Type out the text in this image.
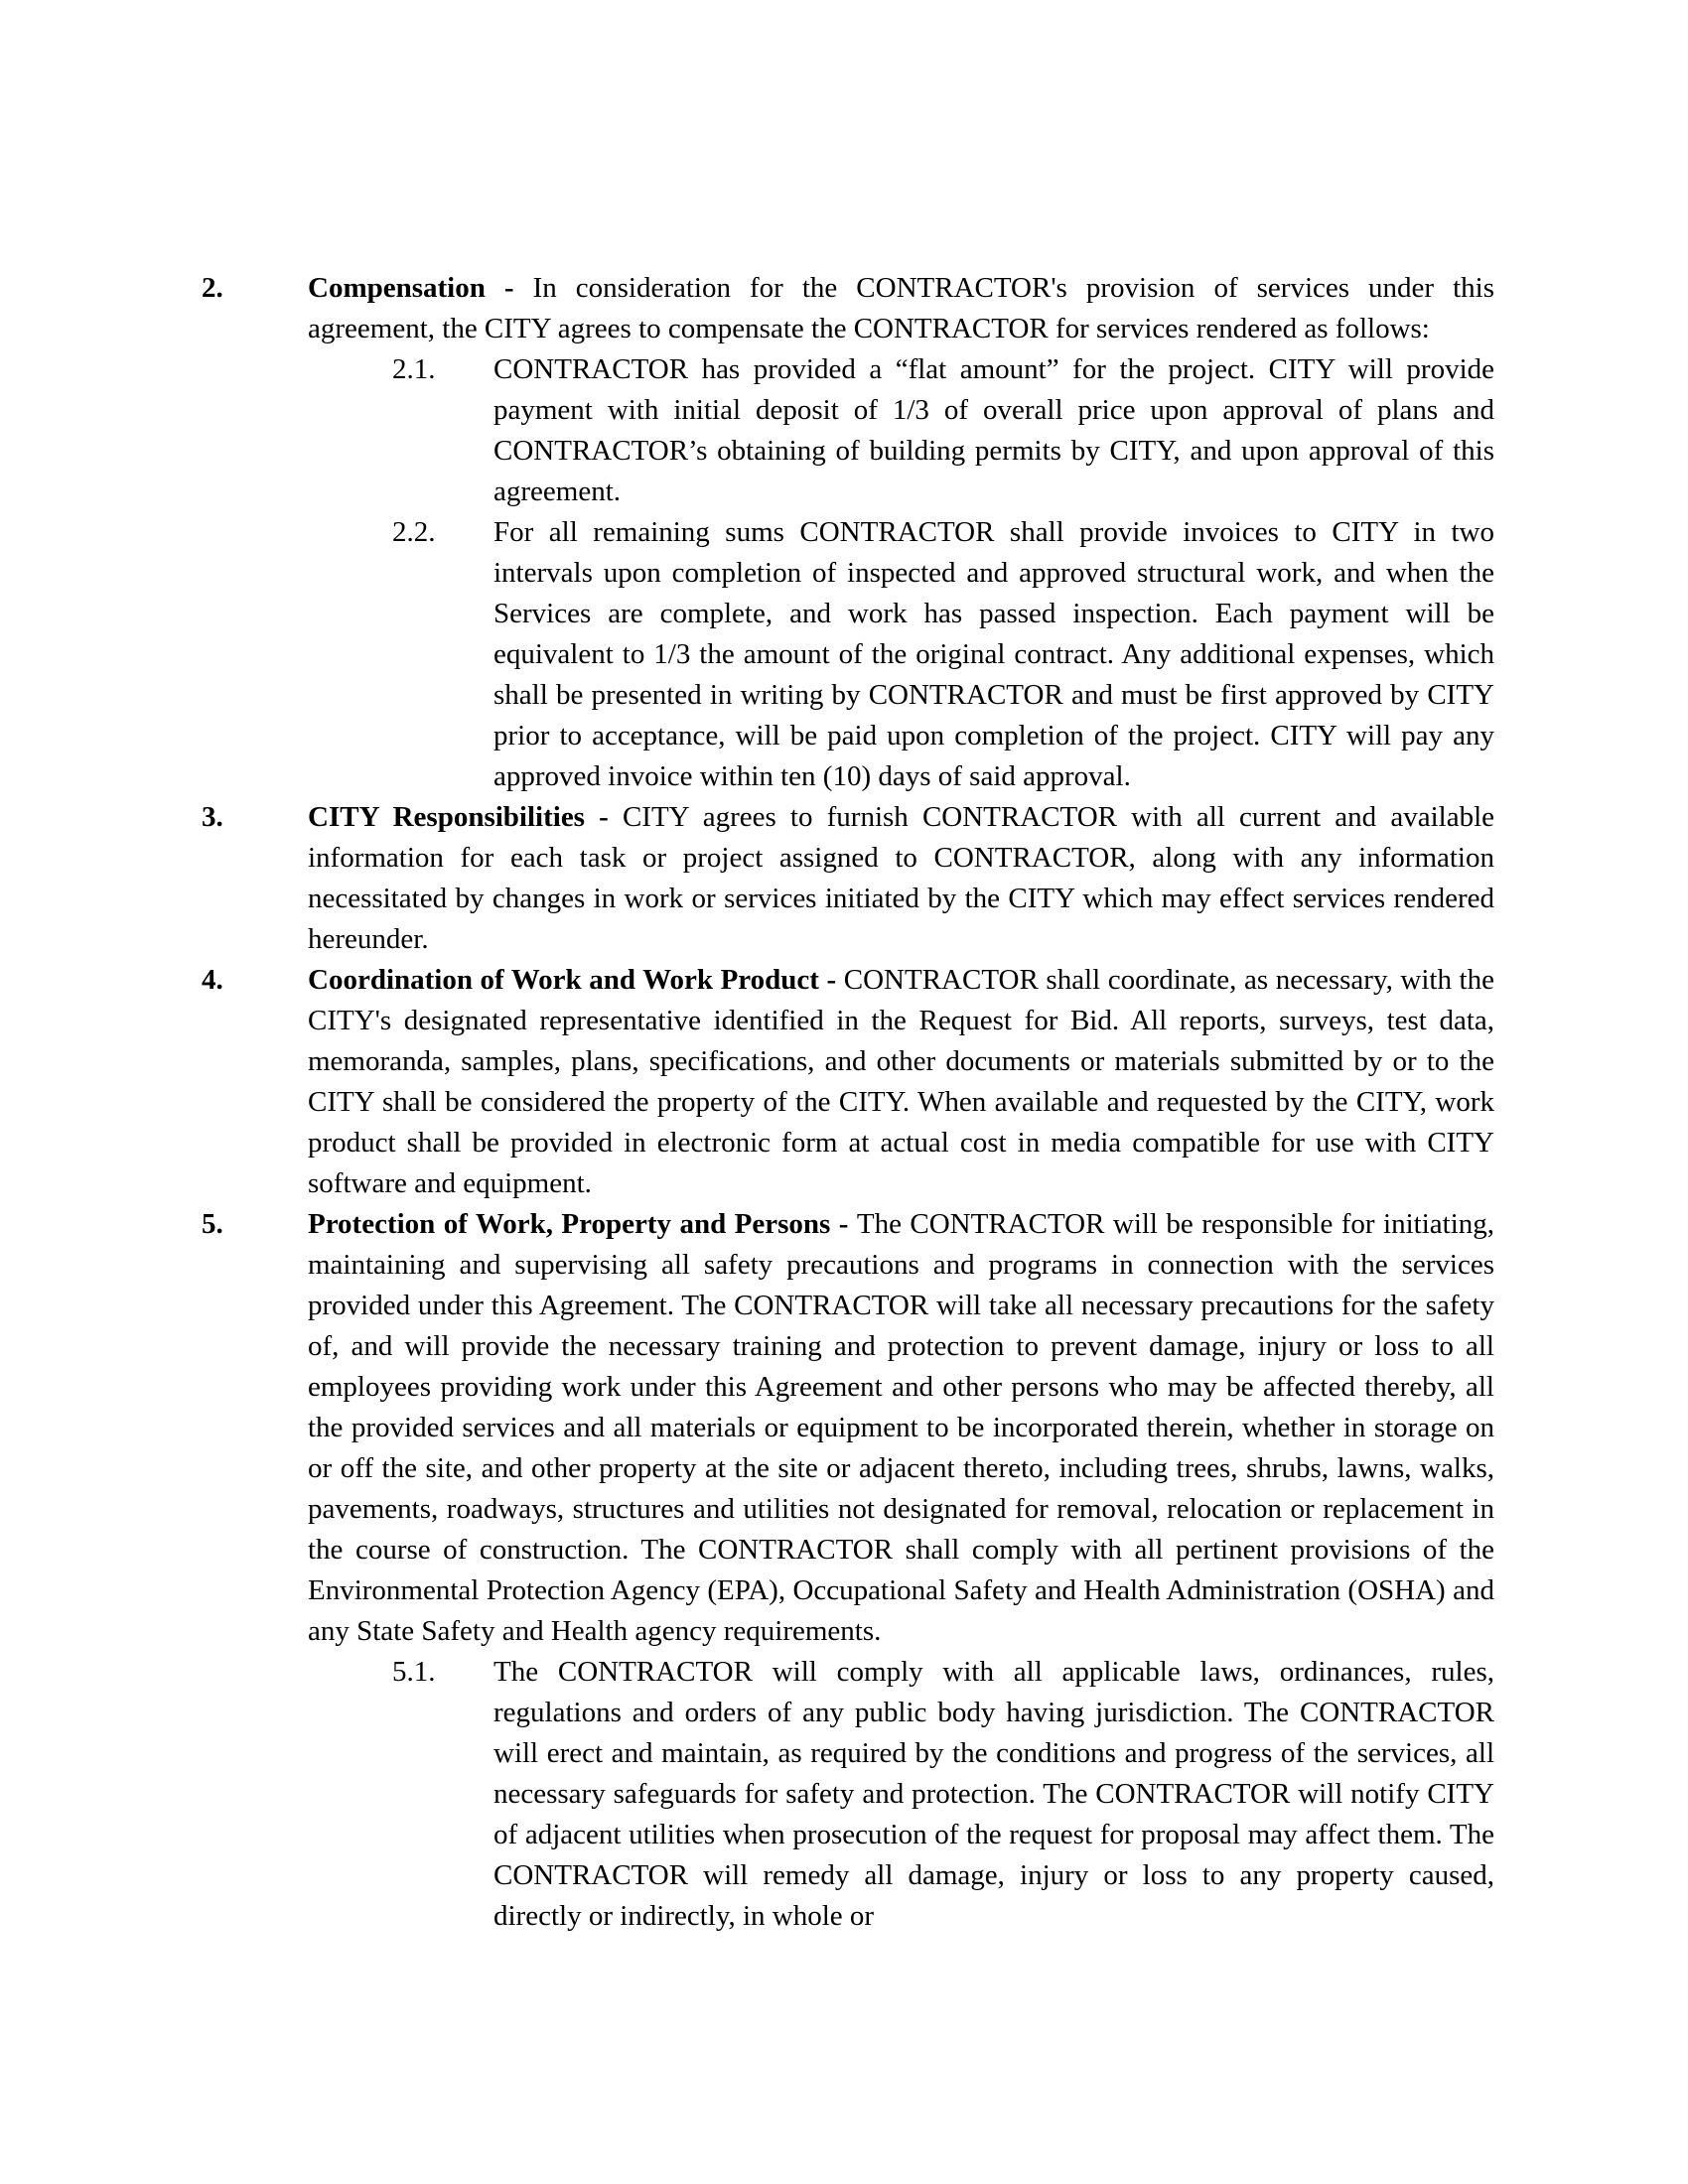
2.	Compensation - In consideration for the CONTRACTOR's provision of services under this agreement, the CITY agrees to compensate the CONTRACTOR for services rendered as follows:
2.1.	CONTRACTOR has provided a “flat amount” for the project. CITY will provide payment with initial deposit of 1/3 of overall price upon approval of plans and CONTRACTOR’s obtaining of building permits by CITY, and upon approval of this agreement.
2.2.	For all remaining sums CONTRACTOR shall provide invoices to CITY in two intervals upon completion of inspected and approved structural work, and when the Services are complete, and work has passed inspection. Each payment will be equivalent to 1/3 the amount of the original contract. Any additional expenses, which shall be presented in writing by CONTRACTOR and must be first approved by CITY prior to acceptance, will be paid upon completion of the project. CITY will pay any approved invoice within ten (10) days of said approval.
3.	CITY Responsibilities - CITY agrees to furnish CONTRACTOR with all current and available information for each task or project assigned to CONTRACTOR, along with any information necessitated by changes in work or services initiated by the CITY which may effect services rendered hereunder.
4.	Coordination of Work and Work Product - CONTRACTOR shall coordinate, as necessary, with the CITY's designated representative identified in the Request for Bid. All reports, surveys, test data, memoranda, samples, plans, specifications, and other documents or materials submitted by or to the CITY shall be considered the property of the CITY. When available and requested by the CITY, work product shall be provided in electronic form at actual cost in media compatible for use with CITY software and equipment.
5.	Protection of Work, Property and Persons - The CONTRACTOR will be responsible for initiating, maintaining and supervising all safety precautions and programs in connection with the services provided under this Agreement. The CONTRACTOR will take all necessary precautions for the safety of, and will provide the necessary training and protection to prevent damage, injury or loss to all employees providing work under this Agreement and other persons who may be affected thereby, all the provided services and all materials or equipment to be incorporated therein, whether in storage on or off the site, and other property at the site or adjacent thereto, including trees, shrubs, lawns, walks, pavements, roadways, structures and utilities not designated for removal, relocation or replacement in the course of construction. The CONTRACTOR shall comply with all pertinent provisions of the Environmental Protection Agency (EPA), Occupational Safety and Health Administration (OSHA) and any State Safety and Health agency requirements.
5.1.	The CONTRACTOR will comply with all applicable laws, ordinances, rules, regulations and orders of any public body having jurisdiction. The CONTRACTOR will erect and maintain, as required by the conditions and progress of the services, all necessary safeguards for safety and protection. The CONTRACTOR will notify CITY of adjacent utilities when prosecution of the request for proposal may affect them. The CONTRACTOR will remedy all damage, injury or loss to any property caused, directly or indirectly, in whole or
